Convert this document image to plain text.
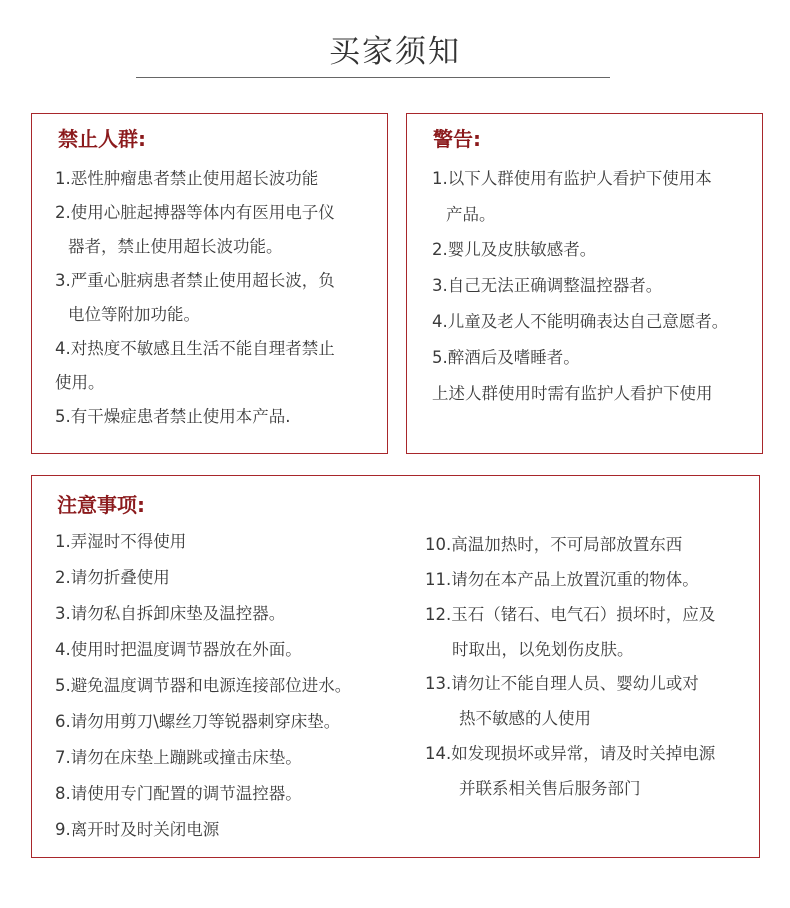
买家须知
禁止人群:
1.恶性肿瘤患者禁止使用超长波功能
2.使用心脏起搏器等体内有医用电子仪
器者，禁止使用超长波功能。
3.严重心脏病患者禁止使用超长波，负
电位等附加功能。
4.对热度不敏感且生活不能自理者禁止
使用。
5.有干燥症患者禁止使用本产品.
警告:
1.以下人群使用有监护人看护下使用本
产品。
2.婴儿及皮肤敏感者。
3.自己无法正确调整温控器者。
4.儿童及老人不能明确表达自己意愿者。
5.醉酒后及嗜睡者。
上述人群使用时需有监护人看护下使用
注意事项:
1.弄湿时不得使用
2.请勿折叠使用
3.请勿私自拆卸床垫及温控器。
4.使用时把温度调节器放在外面。
5.避免温度调节器和电源连接部位进水。
6.请勿用剪刀\螺丝刀等锐器刺穿床垫。
7.请勿在床垫上蹦跳或撞击床垫。
8.请使用专门配置的调节温控器。
9.离开时及时关闭电源
10.高温加热时，不可局部放置东西
11.请勿在本产品上放置沉重的物体。
12.玉石（锗石、电气石）损坏时，应及
时取出，以免划伤皮肤。
13.请勿让不能自理人员、婴幼儿或对
热不敏感的人使用
14.如发现损坏或异常，请及时关掉电源
并联系相关售后服务部门
